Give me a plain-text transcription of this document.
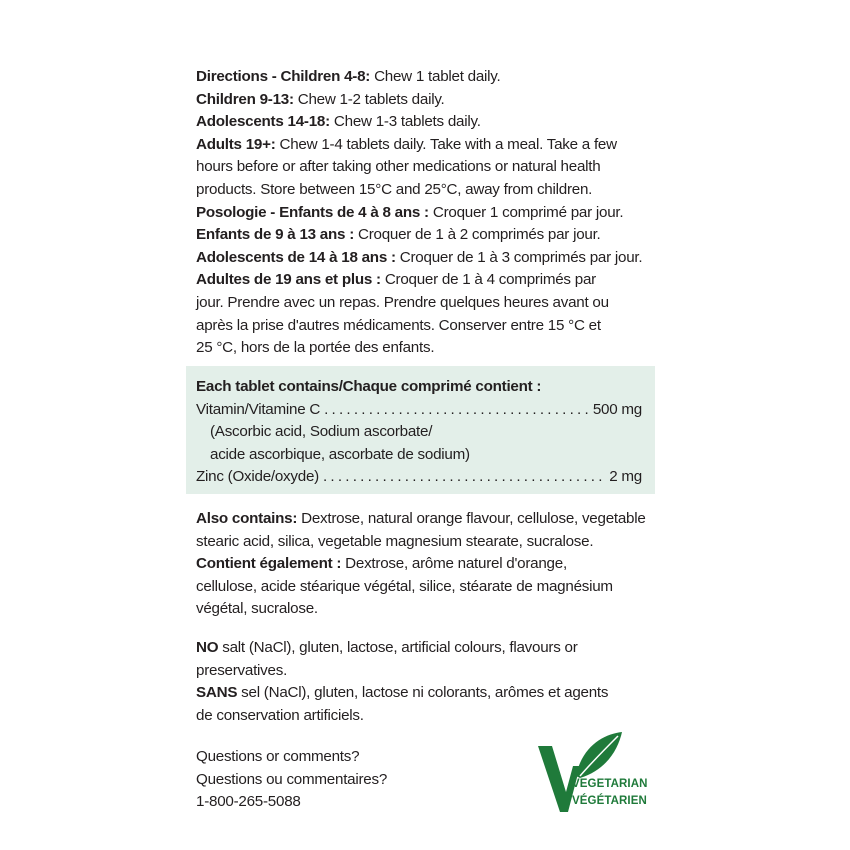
Directions - Children 4-8: Chew 1 tablet daily.
Children 9-13: Chew 1-2 tablets daily.
Adolescents 14-18: Chew 1-3 tablets daily.
Adults 19+: Chew 1-4 tablets daily. Take with a meal. Take a few
hours before or after taking other medications or natural health
products. Store between 15°C and 25°C, away from children.
Posologie - Enfants de 4 à 8 ans : Croquer 1 comprimé par jour.
Enfants de 9 à 13 ans : Croquer de 1 à 2 comprimés par jour.
Adolescents de 14 à 18 ans : Croquer de 1 à 3 comprimés par jour.
Adultes de 19 ans et plus : Croquer de 1 à 4 comprimés par
jour. Prendre avec un repas. Prendre quelques heures avant ou
après la prise d'autres médicaments. Conserver entre 15 °C et
25 °C, hors de la portée des enfants.
Each tablet contains/Chaque comprimé contient :
Vitamin/Vitamine C . . .	500 mg
(Ascorbic acid, Sodium ascorbate/
acide ascorbique, ascorbate de sodium)
Zinc (Oxide/oxyde) . . .	2 mg
Also contains: Dextrose, natural orange flavour, cellulose, vegetable
stearic acid, silica, vegetable magnesium stearate, sucralose.
Contient également : Dextrose, arôme naturel d'orange,
cellulose, acide stéarique végétal, silice, stéarate de magnésium
végétal, sucralose.
NO salt (NaCl), gluten, lactose, artificial colours, flavours or
preservatives.
SANS sel (NaCl), gluten, lactose ni colorants, arômes et agents
de conservation artificiels.
Questions or comments?
Questions ou commentaires?
1-800-265-5088
VEGETARIAN
VÉGÉTARIEN
